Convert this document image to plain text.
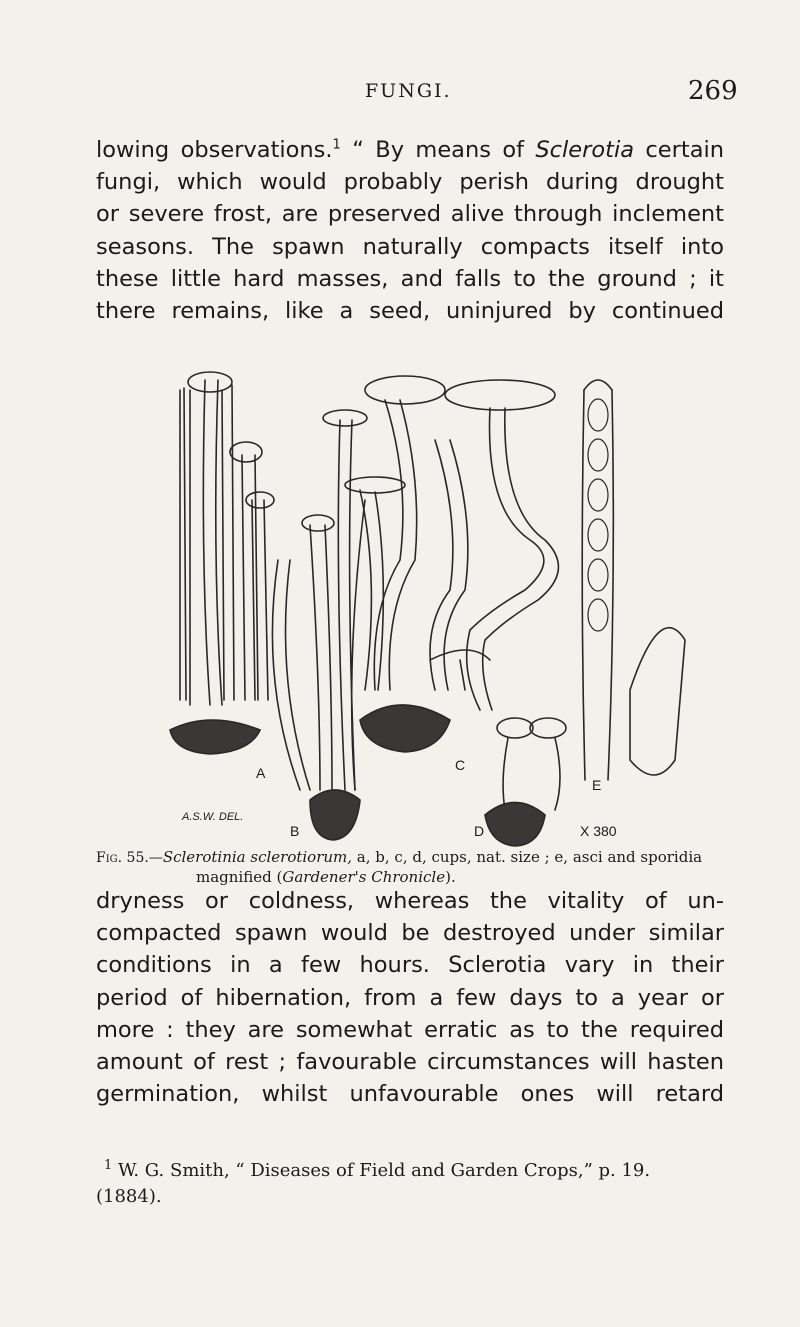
FUNGI.	269
lowing observations.$^1$ “ By means of Sclerotia certain
fungi, which would probably perish during drought
or severe frost, are preserved alive through inclement
seasons. The spawn naturally compacts itself into
these little hard masses, and falls to the ground ; it
there remains, like a seed, uninjured by continued
A
B
C
D
E
X 380
A.S.W. DEL.
Fig. 55.—Sclerotinia sclerotiorum, a, b, c, d, cups, nat. size ; e, asci and sporidia
magnified (Gardener's Chronicle).
dryness or coldness, whereas the vitality of un-
compacted spawn would be destroyed under similar
conditions in a few hours. Sclerotia vary in their
period of hibernation, from a few days to a year or
more : they are somewhat erratic as to the required
amount of rest ; favourable circumstances will hasten
germination, whilst unfavourable ones will retard
$^1$ W. G. Smith, “ Diseases of Field and Garden Crops,” p. 19.
(1884).
